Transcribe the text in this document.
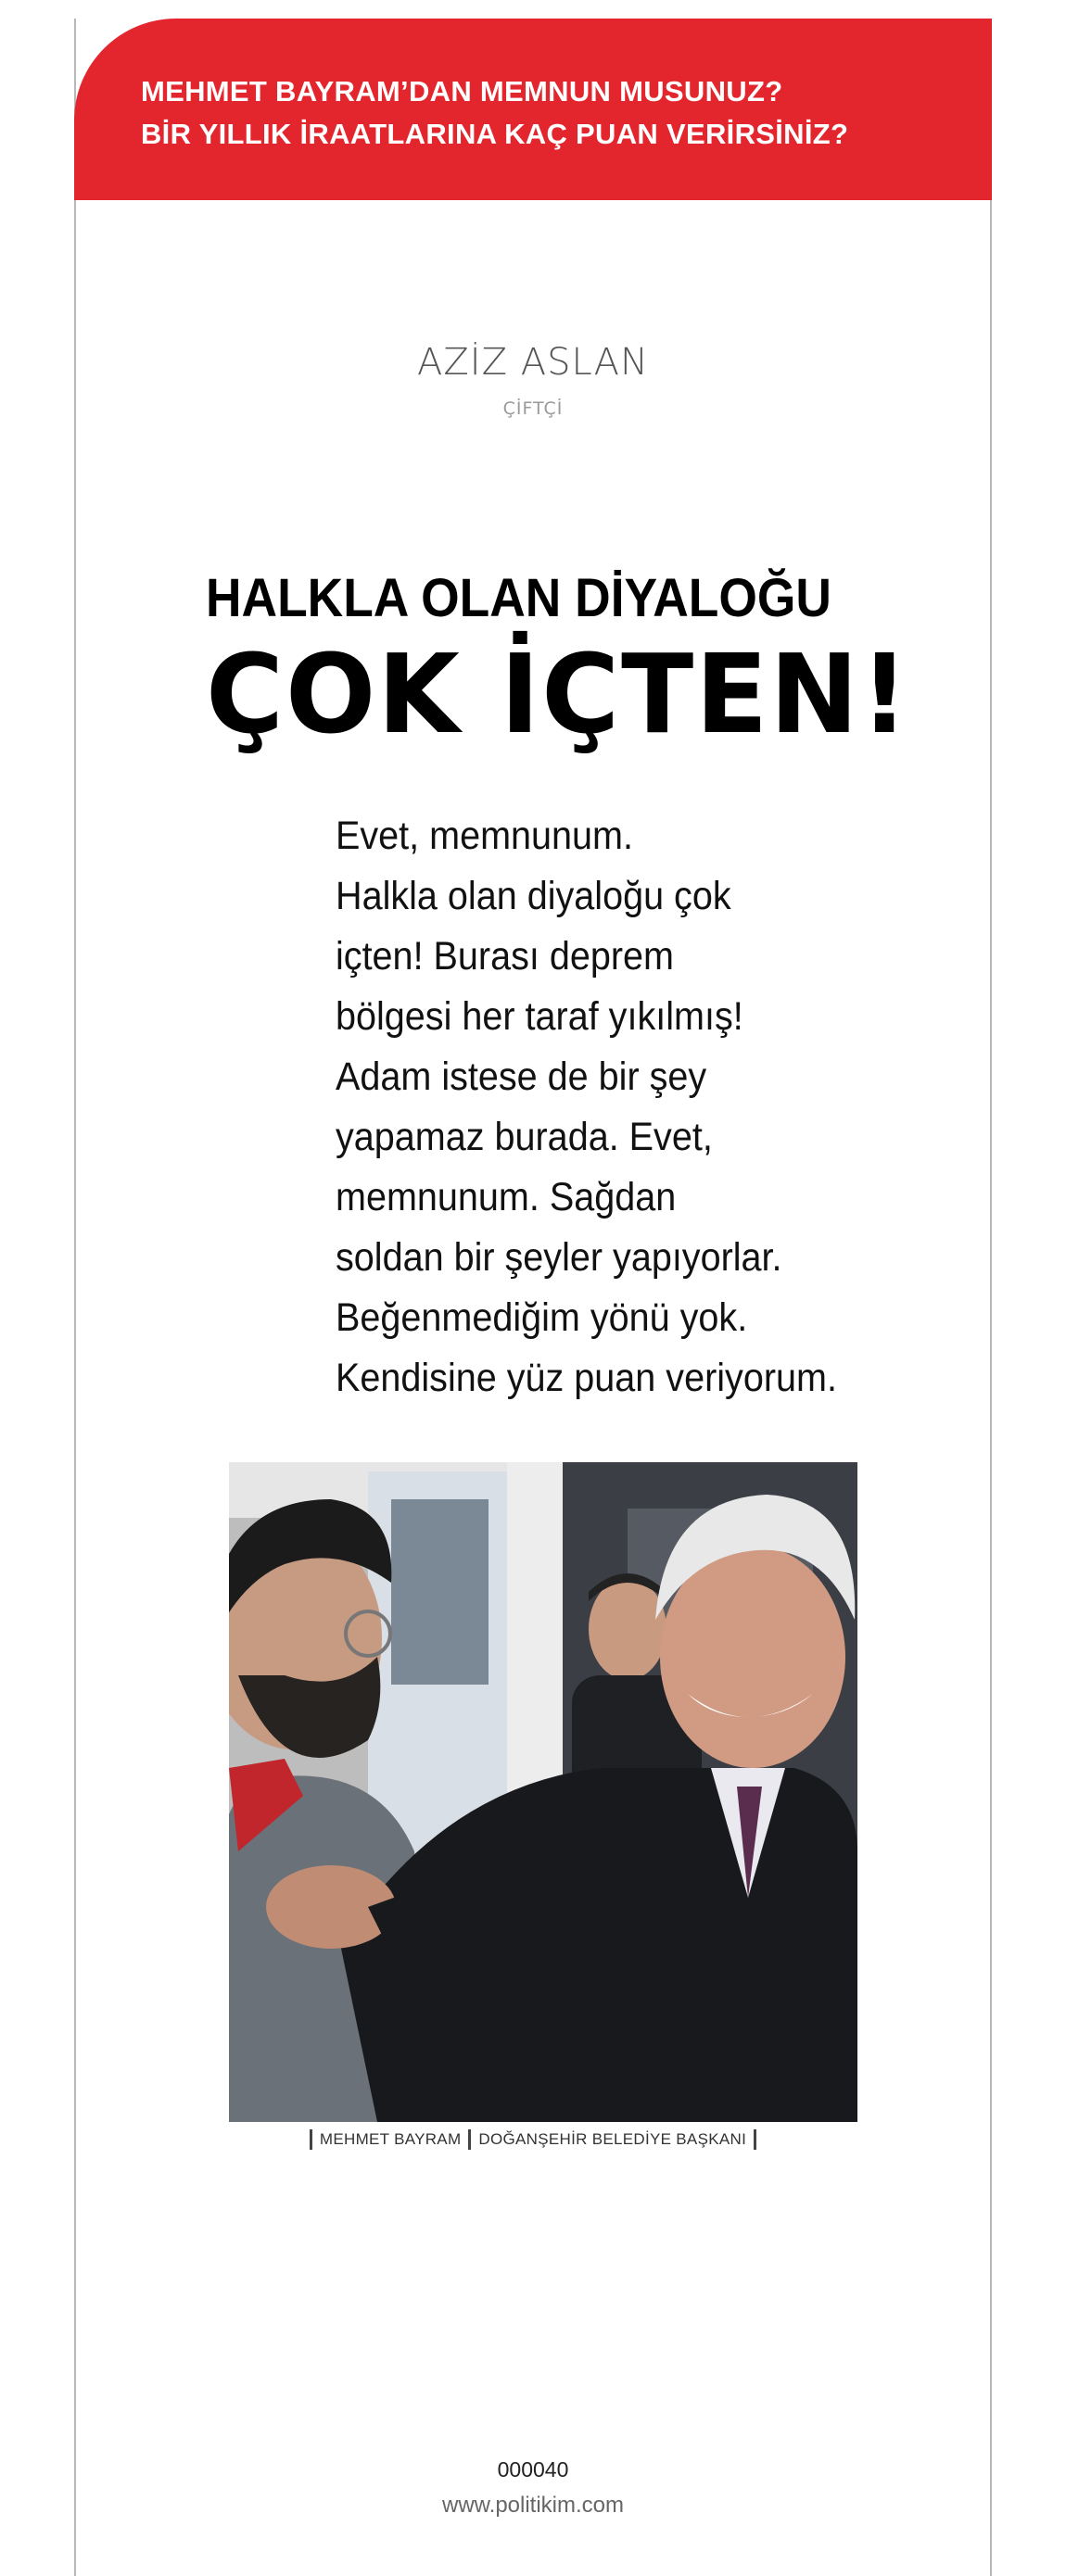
MEHMET BAYRAM’DAN MEMNUN MUSUNUZ?
BİR YILLIK İRAATLARINA KAÇ PUAN VERİRSİNİZ?
AZİZ ASLAN
ÇİFTÇİ
HALKLA OLAN DİYALOĞU
ÇOK İÇTEN!
Evet, memnunum.
Halkla olan diyaloğu çok
içten! Burası deprem
bölgesi her taraf yıkılmış!
Adam istese de bir şey
yapamaz burada. Evet,
memnunum. Sağdan
soldan bir şeyler yapıyorlar.
Beğenmediğim yönü yok.
Kendisine yüz puan veriyorum.
MEHMET BAYRAM DOĞANŞEHİR BELEDİYE BAŞKANI
000040
www.politikim.com
